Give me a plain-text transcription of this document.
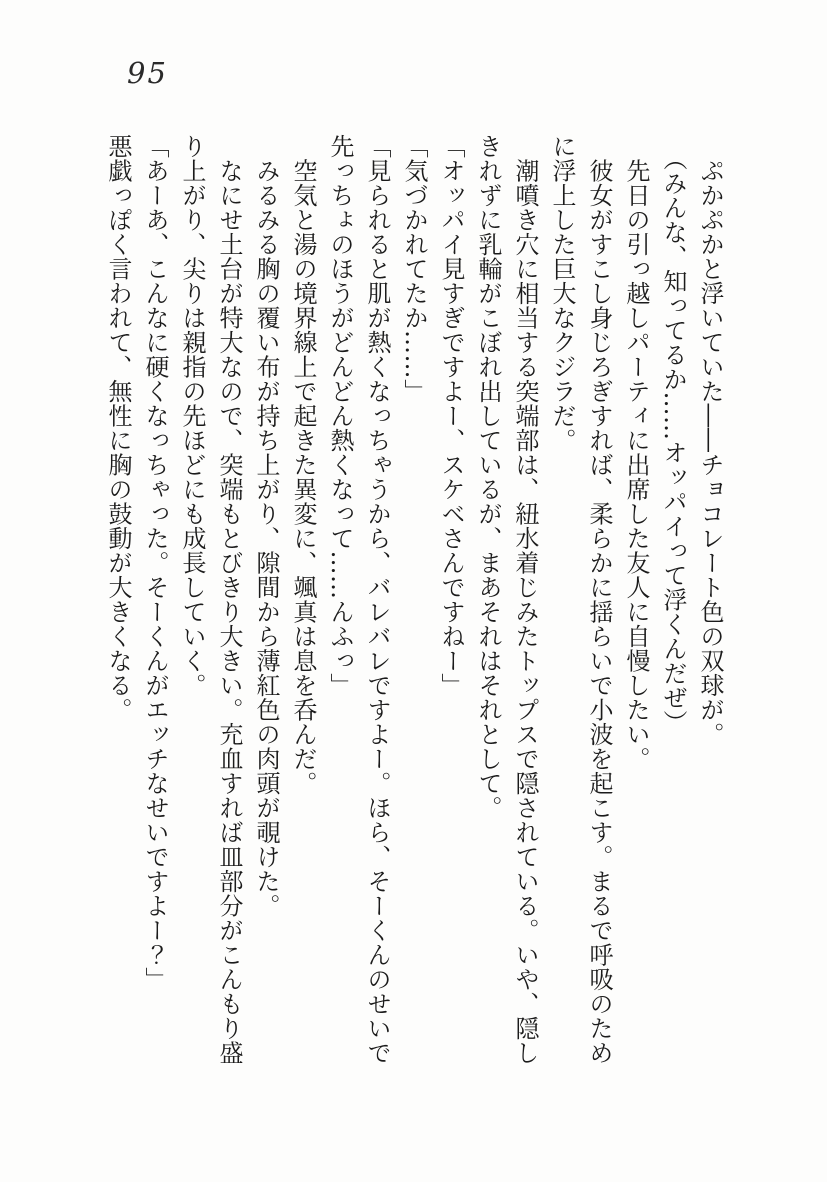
95
　ぷかぷかと浮いていた――チョコレート色の双球が。
　（みんな、知ってるか……オッパイって浮くんだぜ）
　先日の引っ越しパーティに出席した友人に自慢したい。
　彼女がすこし身じろぎすれば、柔らかに揺らいで小波を起こす。まるで呼吸のため
に浮上した巨大なクジラだ。
　潮噴き穴に相当する突端部は、紐水着じみたトップスで隠されている。いや、隠し
きれずに乳輪がこぼれ出しているが、まあそれはそれとして。
「オッパイ見すぎですよー、スケベさんですねー」
「気づかれてたか……」
「見られると肌が熱くなっちゃうから、バレバレですよー。ほら、そーくんのせいで
先っちょのほうがどんどん熱くなって……んふっ」
　空気と湯の境界線上で起きた異変に、颯真は息を呑んだ。
　みるみる胸の覆い布が持ち上がり、隙間から薄紅色の肉頭が覗けた。
　なにせ土台が特大なので、突端もとびきり大きい。充血すれば皿部分がこんもり盛
り上がり、尖りは親指の先ほどにも成長していく。
「あーあ、こんなに硬くなっちゃった。そーくんがエッチなせいですよー？」
悪戯っぽく言われて、無性に胸の鼓動が大きくなる。
